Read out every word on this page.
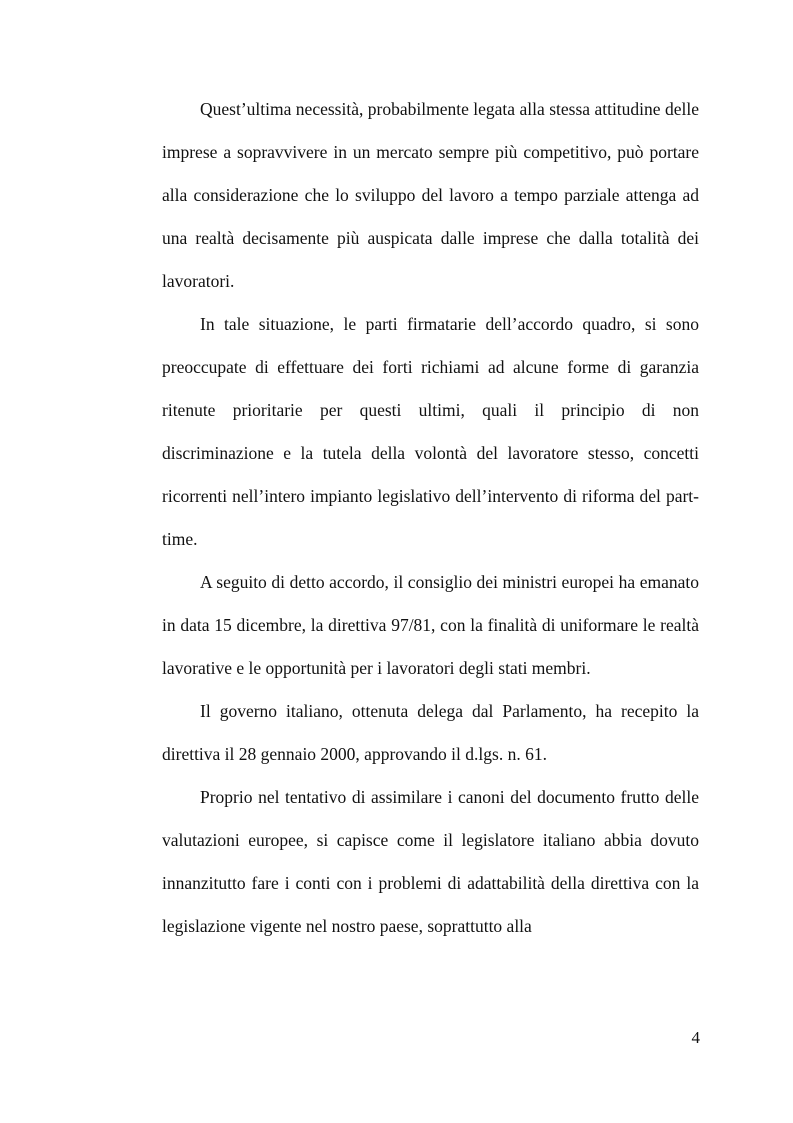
Quest’ultima necessità, probabilmente legata alla stessa attitudine delle imprese a sopravvivere in un mercato sempre più competitivo, può portare alla considerazione che lo sviluppo del lavoro a tempo parziale attenga ad una realtà decisamente più auspicata dalle imprese che dalla totalità dei lavoratori.

In tale situazione, le parti firmatarie dell’accordo quadro, si sono preoccupate di effettuare dei forti richiami ad alcune forme di garanzia ritenute prioritarie per questi ultimi, quali il principio di non discriminazione e la tutela della volontà del lavoratore stesso, concetti ricorrenti nell’intero impianto legislativo dell’intervento di riforma del part-time.

A seguito di detto accordo, il consiglio dei ministri europei ha emanato in data 15 dicembre, la direttiva 97/81, con la finalità di uniformare le realtà lavorative e le opportunità per i lavoratori degli stati membri.

Il governo italiano, ottenuta delega dal Parlamento, ha recepito la direttiva il 28 gennaio 2000, approvando il d.lgs. n. 61.

Proprio nel tentativo di assimilare i canoni del documento frutto delle valutazioni europee, si capisce come il legislatore italiano abbia dovuto innanzitutto fare i conti con i problemi di adattabilità della direttiva con la legislazione vigente nel nostro paese, soprattutto alla

4
